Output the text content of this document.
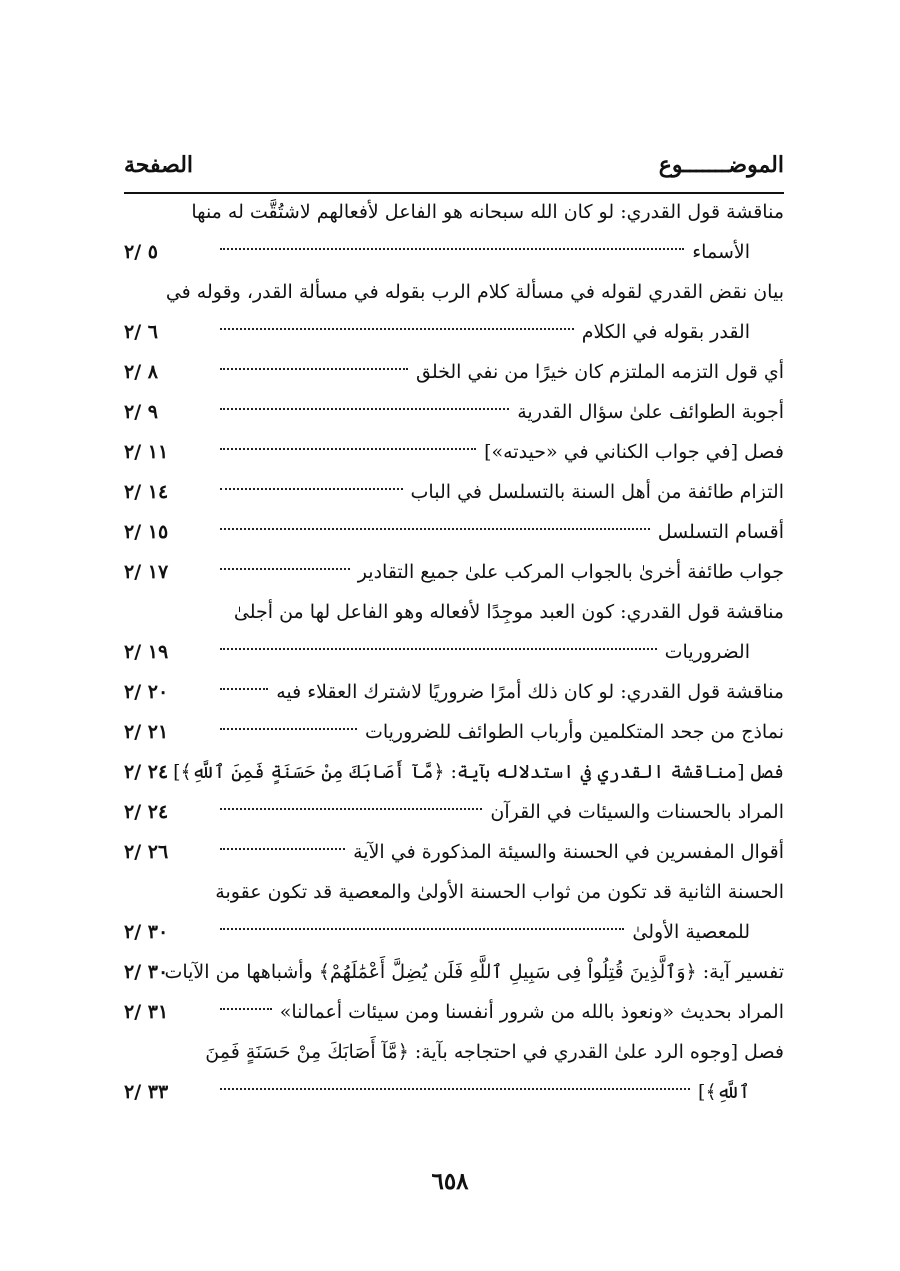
الموضـــــــوع
الصفحة
مناقشة قول القدري: لو كان الله سبحانه هو الفاعل لأفعالهم لاشتُقَّت له منها
الأسماء
٥ /٢
بيان نقض القدري لقوله في مسألة كلام الرب بقوله في مسألة القدر، وقوله في
القدر بقوله في الكلام
٦ /٢
أي قول التزمه الملتزم كان خيرًا من نفي الخلق
٨ /٢
أجوبة الطوائف علىٰ سؤال القدرية
٩ /٢
فصل [في جواب الكناني في «حيدته»]
١١ /٢
التزام طائفة من أهل السنة بالتسلسل في الباب
١٤ /٢
أقسام التسلسل
١٥ /٢
جواب طائفة أخرىٰ بالجواب المركب علىٰ جميع التقادير
١٧ /٢
مناقشة قول القدري: كون العبد موجِدًا لأفعاله وهو الفاعل لها من أجلىٰ
الضروريات
١٩ /٢
مناقشة قول القدري: لو كان ذلك أمرًا ضروريًا لاشترك العقلاء فيه
٢٠ /٢
نماذج من جحد المتكلمين وأرباب الطوائف للضروريات
٢١ /٢
فصل [مناقشة القدري في استدلاله بآية: ﴿مَّآ أَصَابَكَ مِنْ حَسَنَةٍ فَمِنَ ٱللَّهِ﴾]
٢٤ /٢
المراد بالحسنات والسيئات في القرآن
٢٤ /٢
أقوال المفسرين في الحسنة والسيئة المذكورة في الآية
٢٦ /٢
الحسنة الثانية قد تكون من ثواب الحسنة الأولىٰ والمعصية قد تكون عقوبة
للمعصية الأولىٰ
٣٠ /٢
تفسير آية: ﴿وَٱلَّذِينَ قُتِلُواْ فِى سَبِيلِ ٱللَّهِ فَلَن يُضِلَّ أَعْمَٰلَهُمْ﴾ وأشباهها من الآيات
٣٠ /٢
المراد بحديث «ونعوذ بالله من شرور أنفسنا ومن سيئات أعمالنا»
٣١ /٢
فصل [وجوه الرد علىٰ القدري في احتجاجه بآية: ﴿مَّآ أَصَابَكَ مِنْ حَسَنَةٍ فَمِنَ
ٱللَّهِ﴾]
٣٣ /٢
٦٥٨
